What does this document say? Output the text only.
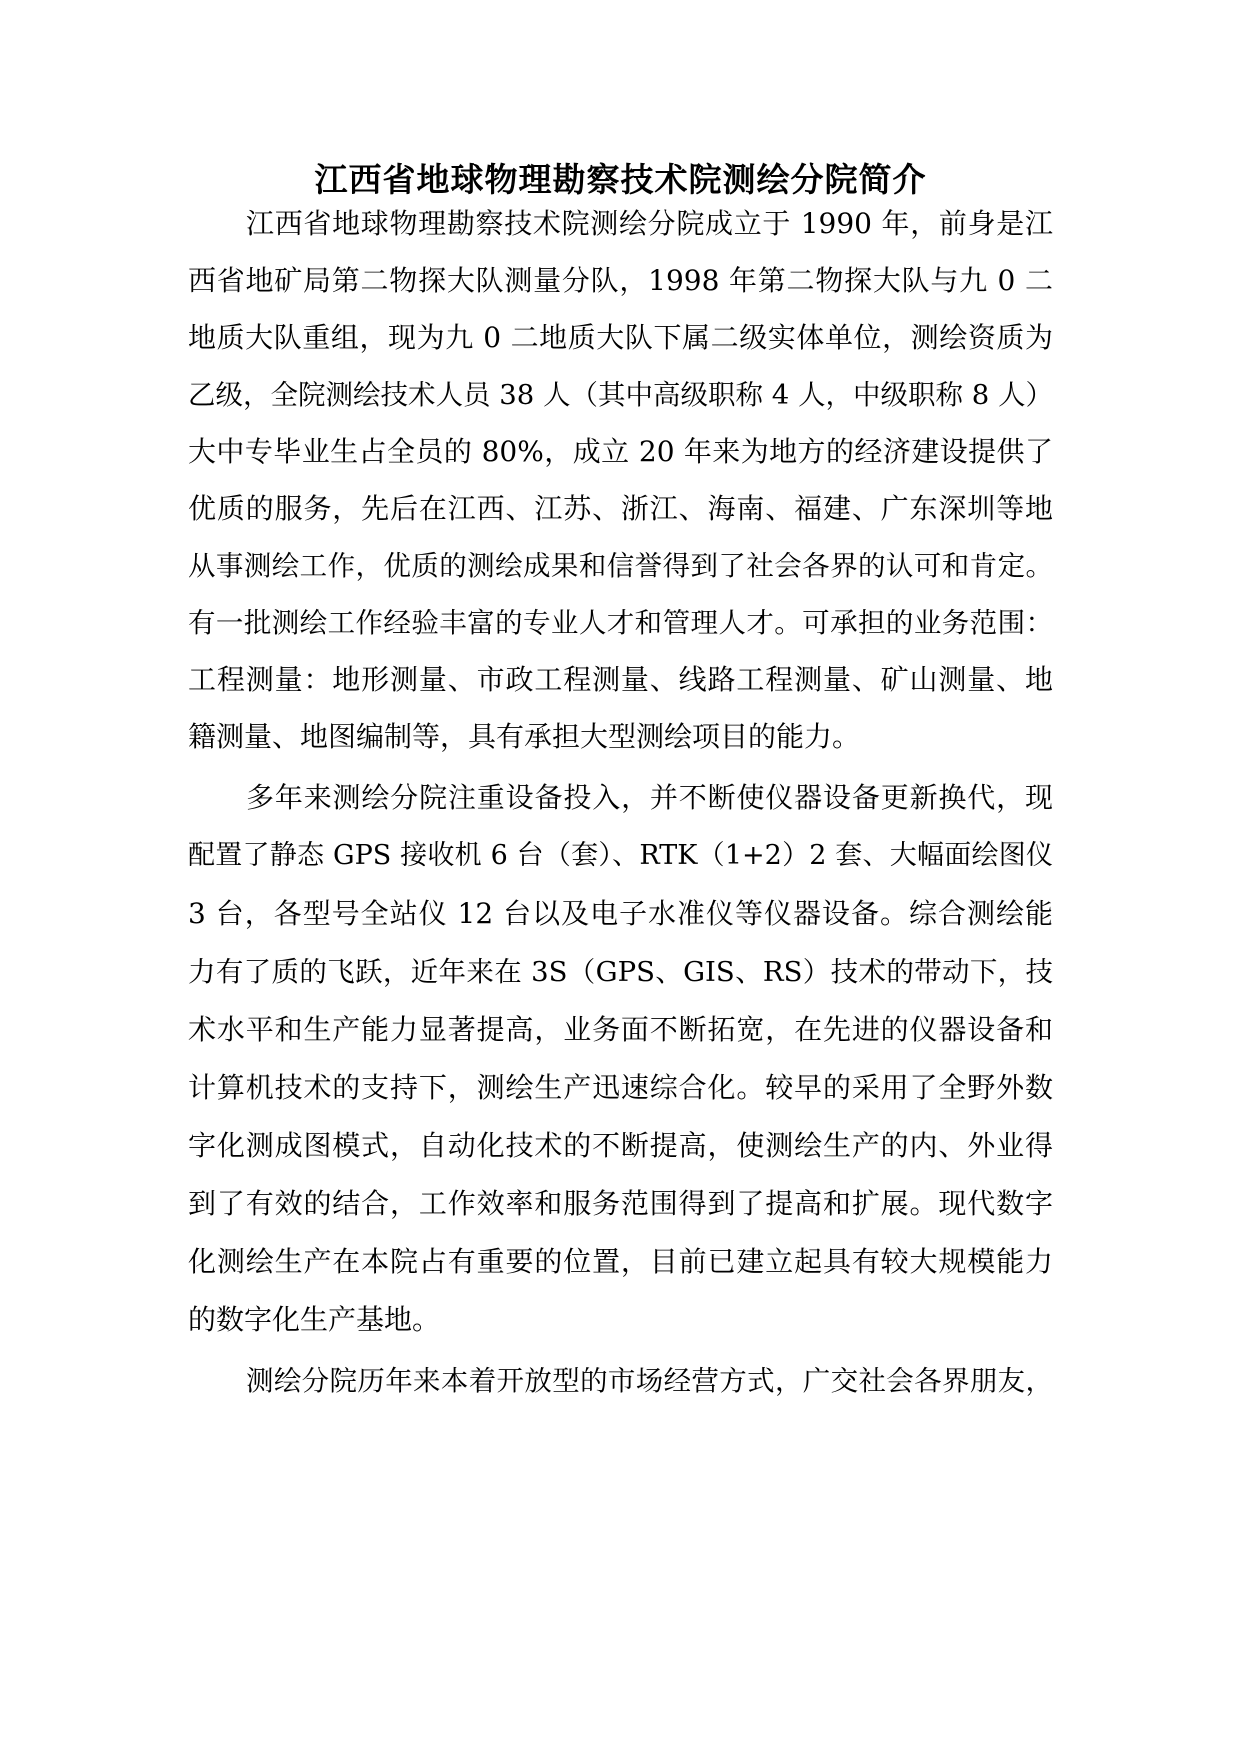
江西省地球物理勘察技术院测绘分院简介
江西省地球物理勘察技术院测绘分院成立于 1990 年，前身是江
西省地矿局第二物探大队测量分队，1998 年第二物探大队与九 0 二
地质大队重组，现为九 0 二地质大队下属二级实体单位，测绘资质为
乙级，全院测绘技术人员 38 人（其中高级职称 4 人，中级职称 8 人）
大中专毕业生占全员的 80%，成立 20 年来为地方的经济建设提供了
优质的服务，先后在江西、江苏、浙江、海南、福建、广东深圳等地
从事测绘工作，优质的测绘成果和信誉得到了社会各界的认可和肯定。
有一批测绘工作经验丰富的专业人才和管理人才。可承担的业务范围：
工程测量：地形测量、市政工程测量、线路工程测量、矿山测量、地
籍测量、地图编制等，具有承担大型测绘项目的能力。
多年来测绘分院注重设备投入，并不断使仪器设备更新换代，现
配置了静态 GPS 接收机 6 台（套）、RTK（1+2）2 套、大幅面绘图仪
3 台，各型号全站仪 12 台以及电子水准仪等仪器设备。综合测绘能
力有了质的飞跃，近年来在 3S（GPS、GIS、RS）技术的带动下，技
术水平和生产能力显著提高，业务面不断拓宽，在先进的仪器设备和
计算机技术的支持下，测绘生产迅速综合化。较早的采用了全野外数
字化测成图模式，自动化技术的不断提高，使测绘生产的内、外业得
到了有效的结合，工作效率和服务范围得到了提高和扩展。现代数字
化测绘生产在本院占有重要的位置，目前已建立起具有较大规模能力
的数字化生产基地。
测绘分院历年来本着开放型的市场经营方式，广交社会各界朋友，
